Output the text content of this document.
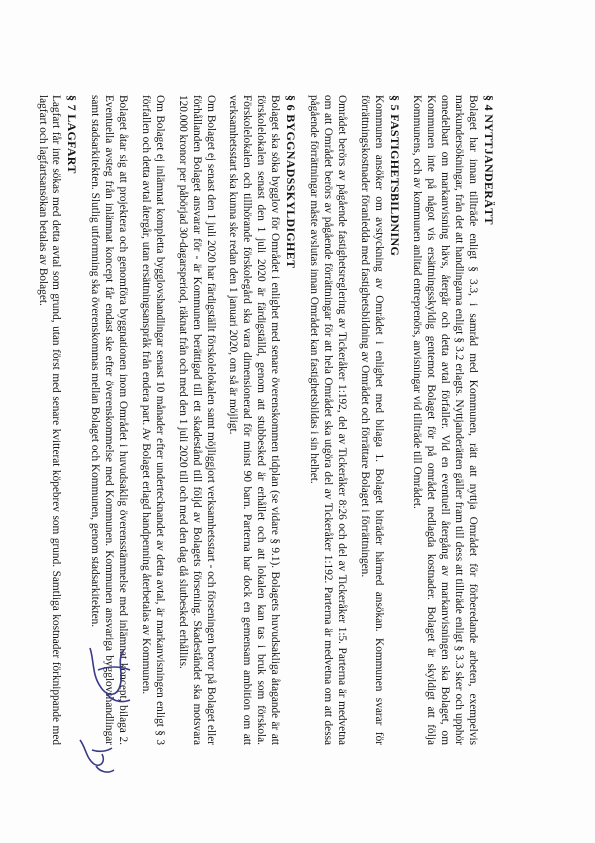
§ 4 NYTTJANDERÄTT

Bolaget har innan tillträde enligt § 3.3, i samråd med Kommunen, rätt att nyttja Området för förberedande arbeten, exempelvis markundersökningar, från det att handlingarna enligt § 3.2 erlagts. Nyttjanderätten gäller fram till dess att tillträde enligt § 3.3 sker och upphör omedelbart om markanvisning hävs, återgår och detta avtal förfaller. Vid en eventuell återgång av markanvisningen ska Bolaget, om Kommunen inte på något vis ersättningsskyldig gentemot Bolaget för på området nedlagda kostnader. Bolaget är skyldigt att följa Kommunens, och av kommunen anlitad entreprenörs, anvisningar vid tillträde till Området.

§ 5 FASTIGHETSBILDNING

Kommunen ansöker om avstyckning av Området i enlighet med bilaga 1. Bolaget biträder härmed ansökan. Kommunen svarar för förrättningskostnader föranledda med fastighetsbildning av Området och förrättare Bolaget i förrättningen.

Området berörs av pågående fastighetsreglering av Tickeråker 1:192, del av Tickeråker 8:26 och del av Tickeråker 1:5. Parterna är medvetna om att Området berörs av pågående förrättningar för att hela Området ska utgöra del av Tickeråker 1:192. Parterna är medvetna om att dessa pågående förrättningar måste avslutas innan Området kan fastighetsbildas i sin helhet.

§ 6 BYGGNADSSKYLDIGHET

Bolaget ska söka bygglov för Området i enlighet med senare överenskommen tidplan (se vidare § 9.1). Bolagets huvudsakliga åtagande är att förskolelokalen senast den 1 juli 2020 är färdigställd, genom att stubbesked är erhållet och att lokalen kan tas i bruk som förskola. Förskolelokalen och tillhörande förskolegård ska vara dimensionerad för minst 90 barn. Parterna har dock en gemensam ambition om att verksamhetsstart ska kunna ske redan den 1 januari 2020, om så är möjligt.

Om Bolaget ej senast den 1 juli 2020 har färdigställt förskolelokalen samt möjliggjort verksamhetsstart - och förseningen beror på Bolaget eller förhållanden Bolaget ansvarar för - är Kommunen berättigad till ett skadestånd till följd av Bolagets försening. Skadeståndet ska motsvara 120.000 kronor per påbörjad 30-dagarsperiod, räknat från och med den 1 juli 2020 till och med den dag då slutbesked erhållits.

Om Bolaget ej inlämnat kompletta bygglovshandlingar senast 10 månader efter undertecknandet av detta avtal, är markanvisningen enligt § 3 förfallen och detta avtal återgår, utan ersättningsanspråk från endera part. Av Bolaget erlagd handpenning återbetalas av Kommunen.

Bolaget åtar sig att projektera och genomföra byggnationen inom Området i huvudsaklig överensstämmelse med inlämnat koncept, bilaga 2. Eventuella avsteg från inlämnat koncept får endast ske efter överenskommelse med Kommunen. Kommunen ansvariga bygglovshandlingar samt stadsarkitekten. Slutlig utformning ska överenskommas mellan Bolaget och Kommunen, genom stadsarkitekten.

§ 7 LAGFART

Lagfart får inte sökas med detta avtal som grund, utan först med senare kvitterat köpebrev som grund. Samtliga kostnader förknippande med lagfart och lagfartsansökan betalas av Bolaget.
